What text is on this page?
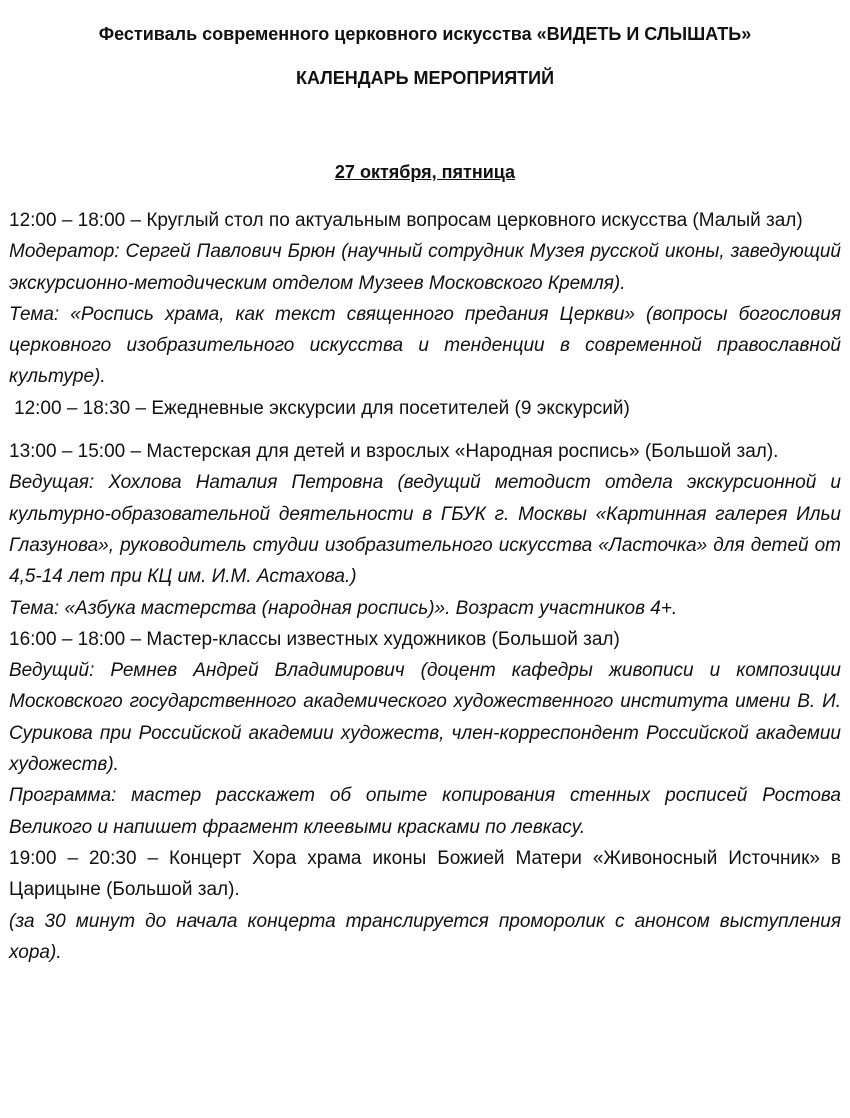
Фестиваль современного церковного искусства «ВИДЕТЬ И СЛЫШАТЬ»
КАЛЕНДАРЬ МЕРОПРИЯТИЙ
27 октября, пятница

12:00 – 18:00 – Круглый стол по актуальным вопросам церковного искусства (Малый зал)

Модератор: Сергей Павлович Брюн (научный сотрудник Музея русской иконы, заведующий экскурсионно-методическим отделом Музеев Московского Кремля).

Тема: «Роспись храма, как текст священного предания Церкви» (вопросы богословия церковного изобразительного искусства и тенденции в современной православной культуре).

12:00 – 18:30 – Ежедневные экскурсии для посетителей (9 экскурсий)

13:00 – 15:00 – Мастерская для детей и взрослых «Народная роспись» (Большой зал).

Ведущая: Хохлова Наталия Петровна (ведущий методист отдела экскурсионной и культурно-образовательной деятельности в ГБУК г. Москвы «Картинная галерея Ильи Глазунова», руководитель студии изобразительного искусства «Ласточка» для детей от 4,5-14 лет при КЦ им. И.М. Астахова.)

Тема: «Азбука мастерства (народная роспись)». Возраст участников 4+.

16:00 – 18:00 – Мастер-классы известных художников (Большой зал)

Ведущий: Ремнев Андрей Владимирович (доцент кафедры живописи и композиции Московского государственного академического художественного института имени В. И. Сурикова при Российской академии художеств, член-корреспондент Российской академии художеств).

Программа: мастер расскажет об опыте копирования стенных росписей Ростова Великого и напишет фрагмент клеевыми красками по левкасу.

19:00 – 20:30 – Концерт Хора храма иконы Божией Матери «Живоносный Источник» в Царицыне (Большой зал).

(за 30 минут до начала концерта транслируется проморолик с анонсом выступления хора).
